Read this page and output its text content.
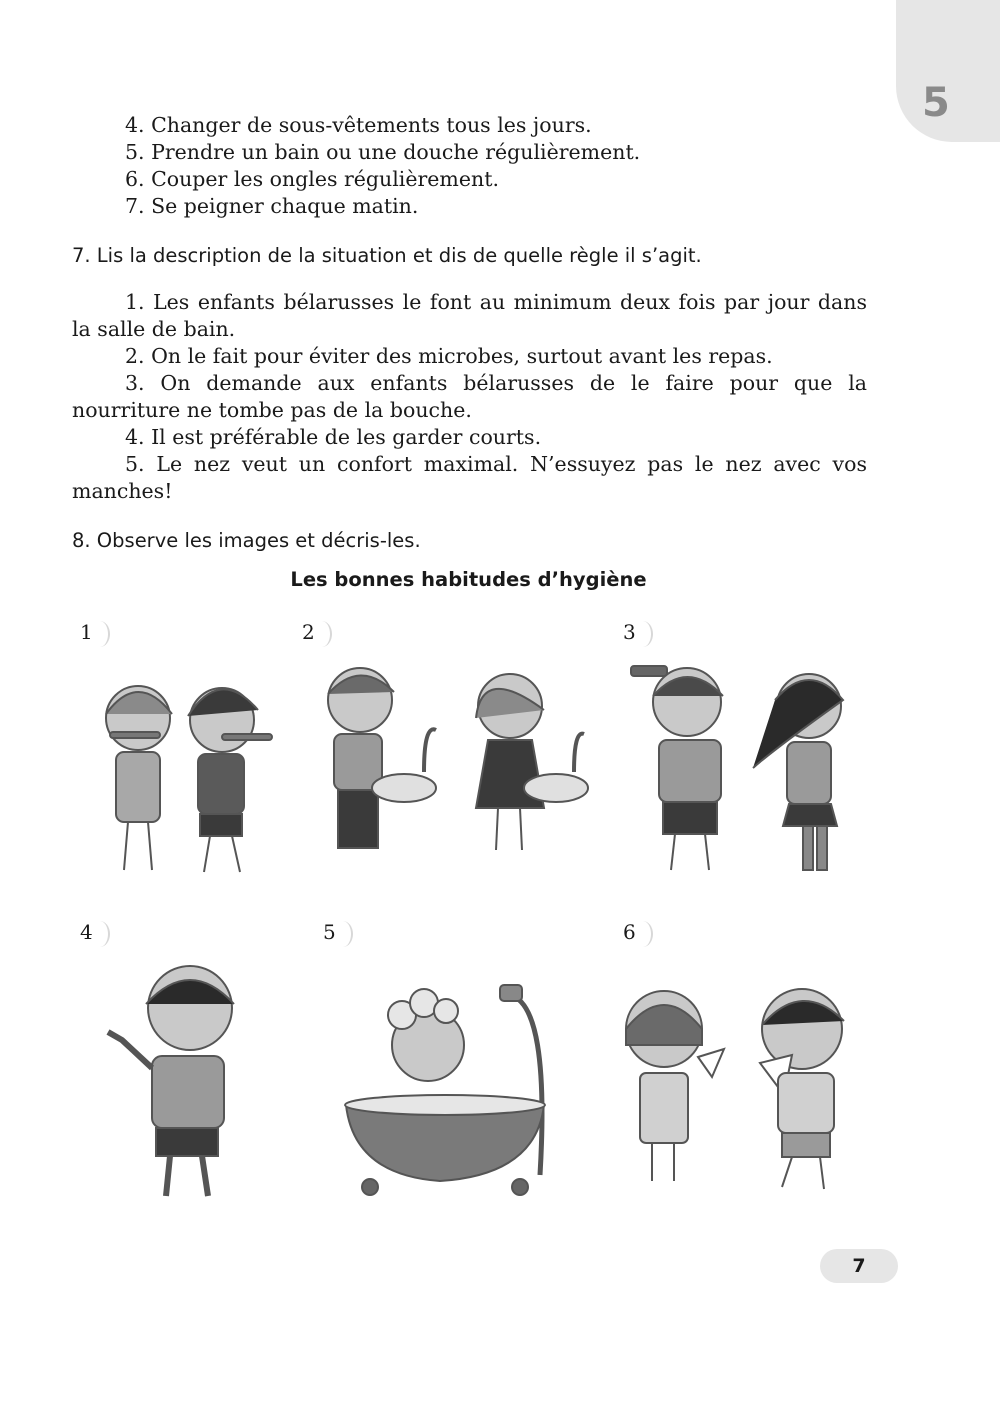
5

4. Changer de sous-vêtements tous les jours.

5. Prendre un bain ou une douche régulièrement.

6. Couper les ongles régulièrement.

7. Se peigner chaque matin.

7. Lis la description de la situation et dis de quelle règle il s’agit.

1. Les enfants bélarusses le font au minimum deux fois par jour dans la salle de bain.

2. On le fait pour éviter des microbes, surtout avant les repas.

3. On demande aux enfants bélarusses de le faire pour que la nourriture ne tombe pas de la bouche.

4. Il est préférable de les garder courts.

5. Le nez veut un confort maximal. N’essuyez pas le nez avec vos manches!

8. Observe les images et décris-les.
Les bonnes habitudes d’hygiène
1	2	3
4	5	6
7
